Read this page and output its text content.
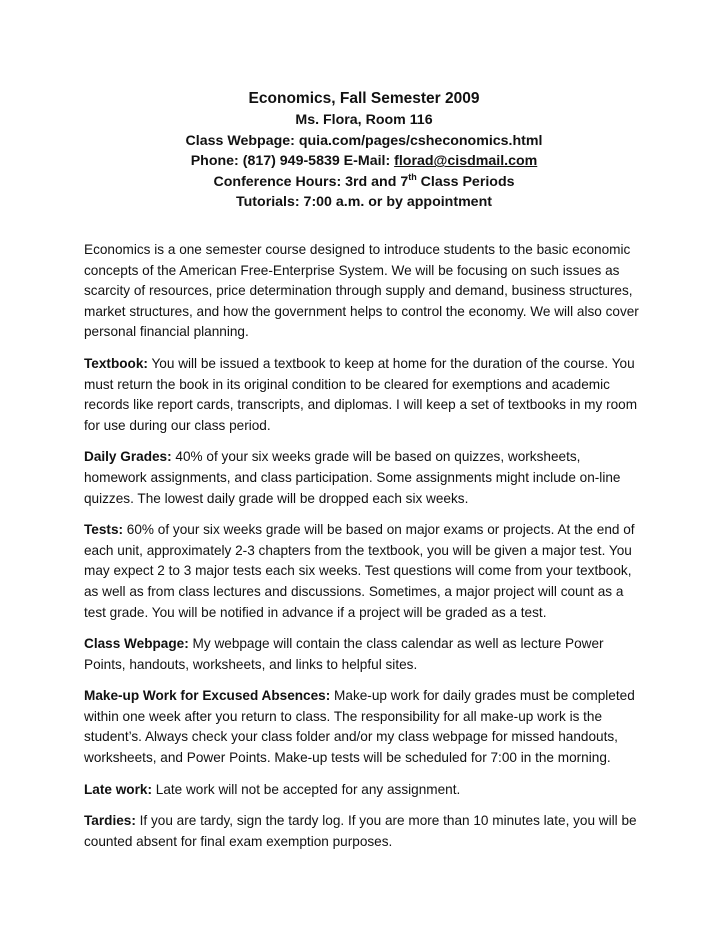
Economics, Fall Semester 2009
Ms. Flora, Room 116
Class Webpage: quia.com/pages/csheconomics.html
Phone: (817) 949-5839 E-Mail: florad@cisdmail.com
Conference Hours: 3rd and 7th Class Periods
Tutorials: 7:00 a.m. or by appointment

Economics is a one semester course designed to introduce students to the basic economic concepts of the American Free-Enterprise System. We will be focusing on such issues as scarcity of resources, price determination through supply and demand, business structures, market structures, and how the government helps to control the economy. We will also cover personal financial planning.

Textbook: You will be issued a textbook to keep at home for the duration of the course. You must return the book in its original condition to be cleared for exemptions and academic records like report cards, transcripts, and diplomas. I will keep a set of textbooks in my room for use during our class period.

Daily Grades: 40% of your six weeks grade will be based on quizzes, worksheets, homework assignments, and class participation. Some assignments might include on-line quizzes. The lowest daily grade will be dropped each six weeks.

Tests: 60% of your six weeks grade will be based on major exams or projects. At the end of each unit, approximately 2-3 chapters from the textbook, you will be given a major test. You may expect 2 to 3 major tests each six weeks. Test questions will come from your textbook, as well as from class lectures and discussions. Sometimes, a major project will count as a test grade. You will be notified in advance if a project will be graded as a test.

Class Webpage: My webpage will contain the class calendar as well as lecture Power Points, handouts, worksheets, and links to helpful sites.

Make-up Work for Excused Absences: Make-up work for daily grades must be completed within one week after you return to class. The responsibility for all make-up work is the student’s. Always check your class folder and/or my class webpage for missed handouts, worksheets, and Power Points. Make-up tests will be scheduled for 7:00 in the morning.

Late work: Late work will not be accepted for any assignment.

Tardies: If you are tardy, sign the tardy log. If you are more than 10 minutes late, you will be counted absent for final exam exemption purposes.
